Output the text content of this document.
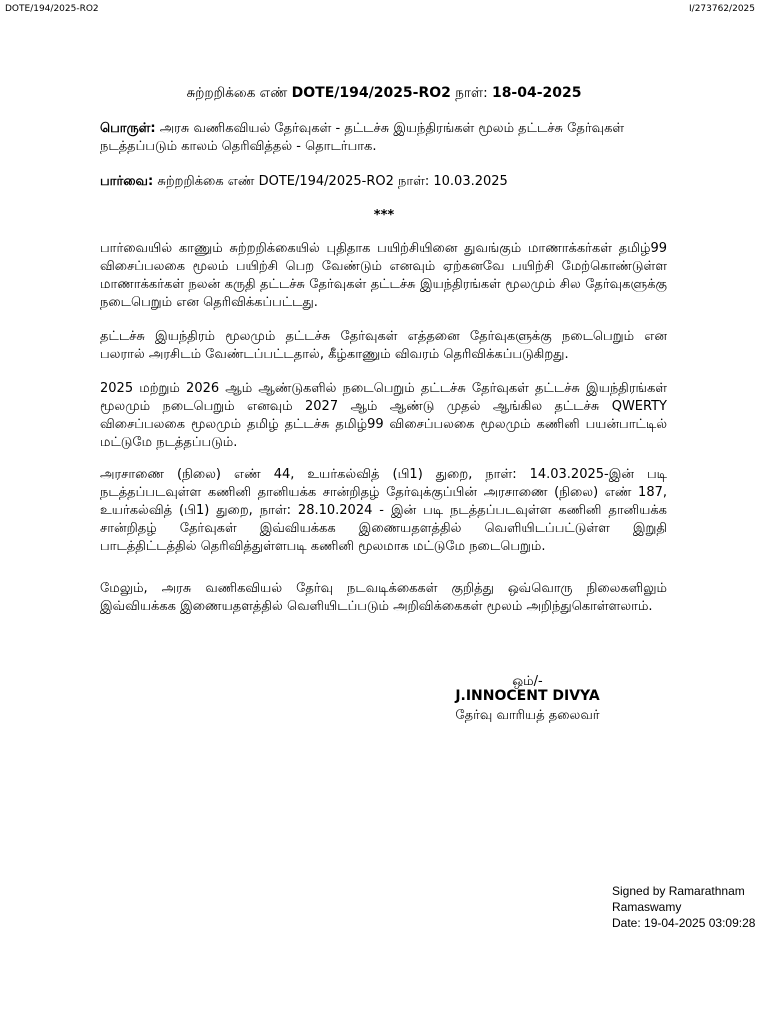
DOTE/194/2025-RO2	I/273762/2025
சுற்றறிக்கை எண் DOTE/194/2025-RO2 நாள்: 18-04-2025
பொருள்: அரசு வணிகவியல் தேர்வுகள் - தட்டச்சு இயந்திரங்கள் மூலம் தட்டச்சு தேர்வுகள் நடத்தப்படும் காலம் தெரிவித்தல் - தொடர்பாக.
பார்வை: சுற்றறிக்கை எண் DOTE/194/2025-RO2 நாள்: 10.03.2025
***
பார்வையில் காணும் சுற்றறிக்கையில் புதிதாக பயிற்சியினை துவங்கும் மாணாக்கர்கள் தமிழ்99 விசைப்பலகை மூலம் பயிற்சி பெற வேண்டும் எனவும் ஏற்கனவே பயிற்சி மேற்கொண்டுள்ள மாணாக்கர்கள் நலன் கருதி தட்டச்சு தேர்வுகள் தட்டச்சு இயந்திரங்கள் மூலமும் சில தேர்வுகளுக்கு நடைபெறும் என தெரிவிக்கப்பட்டது.
தட்டச்சு இயந்திரம் மூலமும் தட்டச்சு தேர்வுகள் எத்தனை தேர்வுகளுக்கு நடைபெறும் என பலரால் அரசிடம் வேண்டப்பட்டதால், கீழ்காணும் விவரம் தெரிவிக்கப்படுகிறது.
2025 மற்றும் 2026 ஆம் ஆண்டுகளில் நடைபெறும் தட்டச்சு தேர்வுகள் தட்டச்சு இயந்திரங்கள் மூலமும் நடைபெறும் எனவும் 2027 ஆம் ஆண்டு முதல் ஆங்கில தட்டச்சு QWERTY விசைப்பலகை மூலமும் தமிழ் தட்டச்சு தமிழ்99 விசைப்பலகை மூலமும் கணினி பயன்பாட்டில் மட்டுமே நடத்தப்படும்.
அரசாணை (நிலை) எண் 44, உயர்கல்வித் (பி1) துறை, நாள்: 14.03.2025-இன் படி நடத்தப்படவுள்ள கணினி தானியக்க சான்றிதழ் தேர்வுக்குப்பின் அரசாணை (நிலை) எண் 187, உயர்கல்வித் (பி1) துறை, நாள்: 28.10.2024 - இன் படி நடத்தப்படவுள்ள கணினி தானியக்க சான்றிதழ் தேர்வுகள் இவ்வியக்கக இணையதளத்தில் வெளியிடப்பட்டுள்ள இறுதி பாடத்திட்டத்தில் தெரிவித்துள்ளபடி கணினி மூலமாக மட்டுமே நடைபெறும்.
மேலும், அரசு வணிகவியல் தேர்வு நடவடிக்கைகள் குறித்து ஒவ்வொரு நிலைகளிலும் இவ்வியக்கக இணையதளத்தில் வெளியிடப்படும் அறிவிக்கைகள் மூலம் அறிந்துகொள்ளலாம்.
ஒம்/-
J.INNOCENT DIVYA
தேர்வு வாரியத் தலைவர்
Signed by Ramarathnam
Ramaswamy
Date: 19-04-2025 03:09:28
